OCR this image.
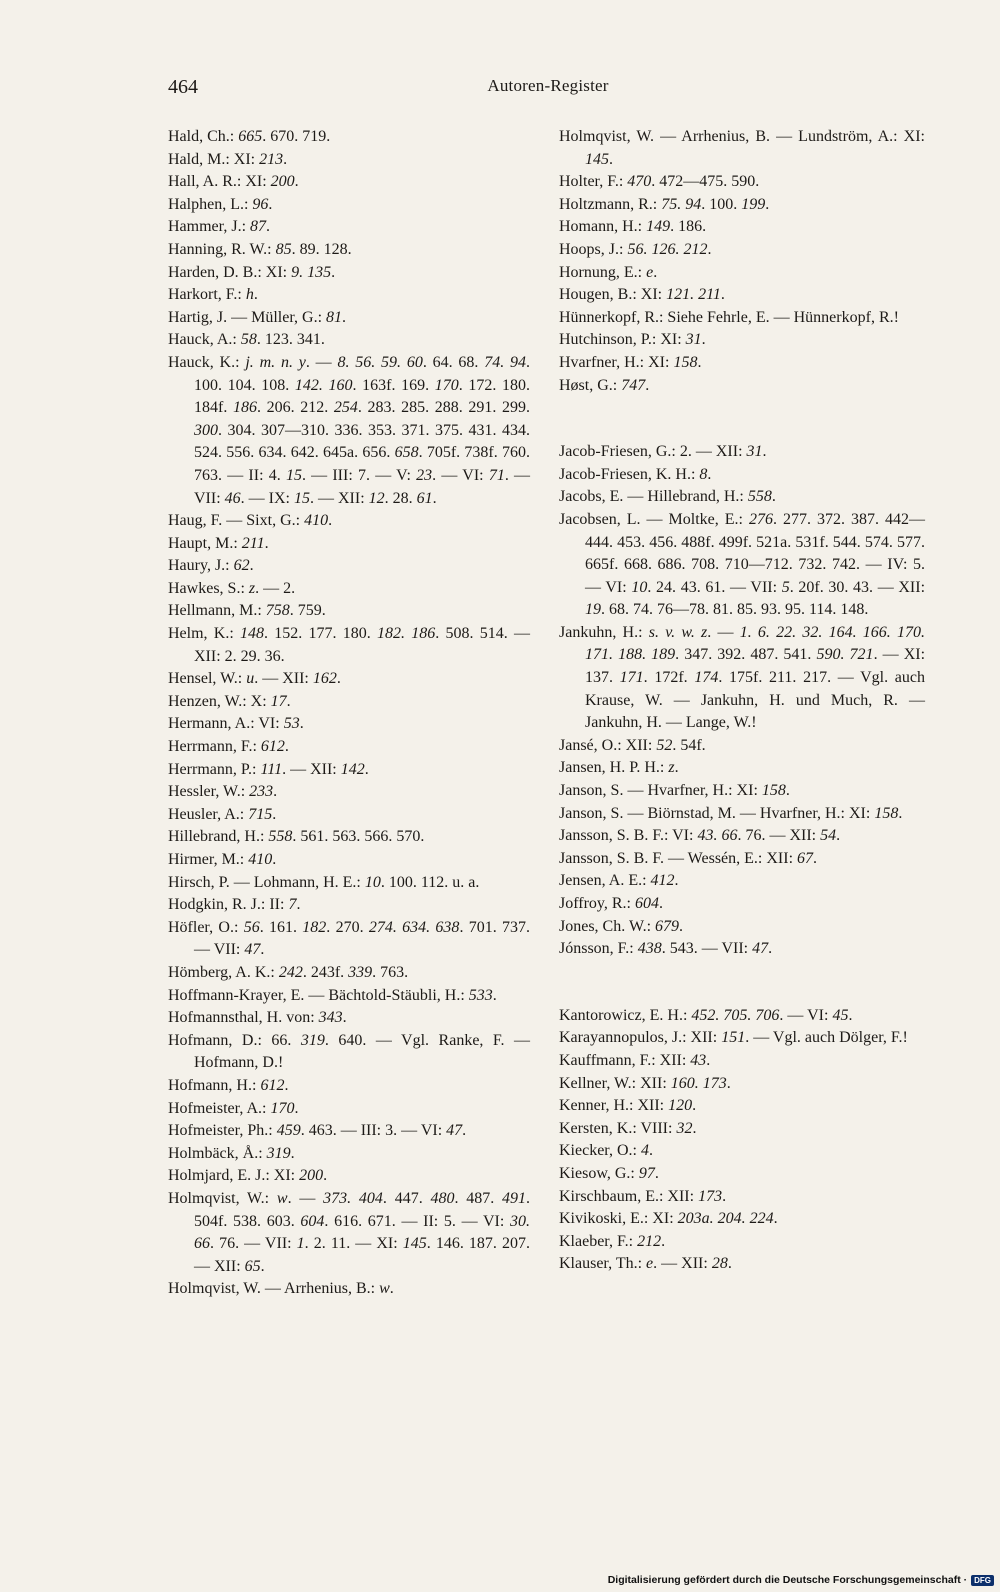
464	Autoren-Register
Hald, Ch.: 665. 670. 719.
Hald, M.: XI: 213.
Hall, A. R.: XI: 200.
Halphen, L.: 96.
Hammer, J.: 87.
Hanning, R. W.: 85. 89. 128.
Harden, D. B.: XI: 9. 135.
Harkort, F.: h.
Hartig, J. — Müller, G.: 81.
Hauck, A.: 58. 123. 341.
Hauck, K.: j. m. n. y. — 8. 56. 59. 60. 64. 68. 74. 94. 100. 104. 108. 142. 160. 163f. 169. 170. 172. 180. 184f. 186. 206. 212. 254. 283. 285. 288. 291. 299. 300. 304. 307—310. 336. 353. 371. 375. 431. 434. 524. 556. 634. 642. 645a. 656. 658. 705f. 738f. 760. 763. — II: 4. 15. — III: 7. — V: 23. — VI: 71. — VII: 46. — IX: 15. — XII: 12. 28. 61.
Haug, F. — Sixt, G.: 410.
Haupt, M.: 211.
Haury, J.: 62.
Hawkes, S.: z. — 2.
Hellmann, M.: 758. 759.
Helm, K.: 148. 152. 177. 180. 182. 186. 508. 514. — XII: 2. 29. 36.
Hensel, W.: u. — XII: 162.
Henzen, W.: X: 17.
Hermann, A.: VI: 53.
Herrmann, F.: 612.
Herrmann, P.: 111. — XII: 142.
Hessler, W.: 233.
Heusler, A.: 715.
Hillebrand, H.: 558. 561. 563. 566. 570.
Hirmer, M.: 410.
Hirsch, P. — Lohmann, H. E.: 10. 100. 112. u. a.
Hodgkin, R. J.: II: 7.
Höfler, O.: 56. 161. 182. 270. 274. 634. 638. 701. 737. — VII: 47.
Hömberg, A. K.: 242. 243f. 339. 763.
Hoffmann-Krayer, E. — Bächtold-Stäubli, H.: 533.
Hofmannsthal, H. von: 343.
Hofmann, D.: 66. 319. 640. — Vgl. Ranke, F. — Hofmann, D.!
Hofmann, H.: 612.
Hofmeister, A.: 170.
Hofmeister, Ph.: 459. 463. — III: 3. — VI: 47.
Holmbäck, Å.: 319.
Holmjard, E. J.: XI: 200.
Holmqvist, W.: w. — 373. 404. 447. 480. 487. 491. 504f. 538. 603. 604. 616. 671. — II: 5. — VI: 30. 66. 76. — VII: 1. 2. 11. — XI: 145. 146. 187. 207. — XII: 65.
Holmqvist, W. — Arrhenius, B.: w.
Holmqvist, W. — Arrhenius, B. — Lundström, A.: XI: 145.
Holter, F.: 470. 472—475. 590.
Holtzmann, R.: 75. 94. 100. 199.
Homann, H.: 149. 186.
Hoops, J.: 56. 126. 212.
Hornung, E.: e.
Hougen, B.: XI: 121. 211.
Hünnerkopf, R.: Siehe Fehrle, E. — Hünnerkopf, R.!
Hutchinson, P.: XI: 31.
Hvarfner, H.: XI: 158.
Høst, G.: 747.
Jacob-Friesen, G.: 2. — XII: 31.
Jacob-Friesen, K. H.: 8.
Jacobs, E. — Hillebrand, H.: 558.
Jacobsen, L. — Moltke, E.: 276. 277. 372. 387. 442—444. 453. 456. 488f. 499f. 521a. 531f. 544. 574. 577. 665f. 668. 686. 708. 710—712. 732. 742. — IV: 5. — VI: 10. 24. 43. 61. — VII: 5. 20f. 30. 43. — XII: 19. 68. 74. 76—78. 81. 85. 93. 95. 114. 148.
Jankuhn, H.: s. v. w. z. — 1. 6. 22. 32. 164. 166. 170. 171. 188. 189. 347. 392. 487. 541. 590. 721. — XI: 137. 171. 172f. 174. 175f. 211. 217. — Vgl. auch Krause, W. — Jankuhn, H. und Much, R. — Jankuhn, H. — Lange, W.!
Jansé, O.: XII: 52. 54f.
Jansen, H. P. H.: z.
Janson, S. — Hvarfner, H.: XI: 158.
Janson, S. — Biörnstad, M. — Hvarfner, H.: XI: 158.
Jansson, S. B. F.: VI: 43. 66. 76. — XII: 54.
Jansson, S. B. F. — Wessén, E.: XII: 67.
Jensen, A. E.: 412.
Joffroy, R.: 604.
Jones, Ch. W.: 679.
Jónsson, F.: 438. 543. — VII: 47.
Kantorowicz, E. H.: 452. 705. 706. — VI: 45.
Karayannopulos, J.: XII: 151. — Vgl. auch Dölger, F.!
Kauffmann, F.: XII: 43.
Kellner, W.: XII: 160. 173.
Kenner, H.: XII: 120.
Kersten, K.: VIII: 32.
Kiecker, O.: 4.
Kiesow, G.: 97.
Kirschbaum, E.: XII: 173.
Kivikoski, E.: XI: 203a. 204. 224.
Klaeber, F.: 212.
Klauser, Th.: e. — XII: 28.
Digitalisierung gefördert durch die Deutsche Forschungsgemeinschaft · DFG
